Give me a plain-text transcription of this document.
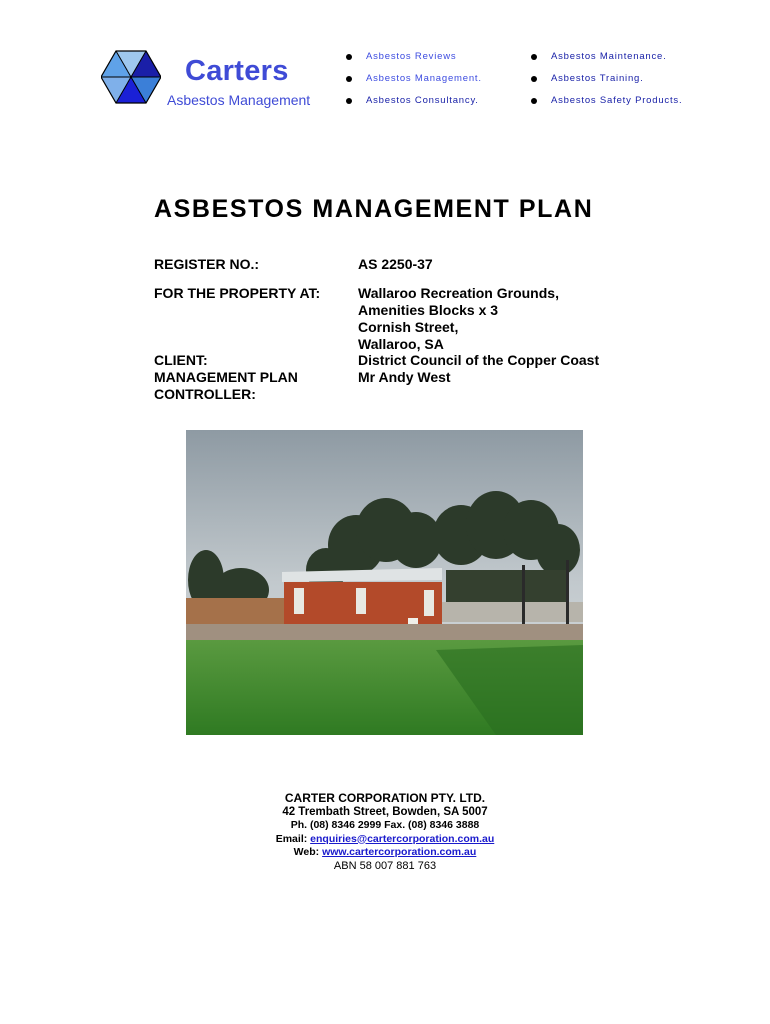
Carters
Asbestos Management
Asbestos Reviews
Asbestos Management.
Asbestos Consultancy.
Asbestos Maintenance.
Asbestos Training.
Asbestos Safety Products.
ASBESTOS MANAGEMENT PLAN
REGISTER NO.:	AS 2250-37
FOR THE PROPERTY AT:	Wallaroo Recreation Grounds,
Amenities Blocks x 3
Cornish Street,
Wallaroo, SA
CLIENT:	District Council of the Copper Coast
MANAGEMENT PLAN
CONTROLLER:
Mr Andy West
CARTER CORPORATION PTY. LTD.
42 Trembath Street, Bowden, SA 5007
Ph. (08) 8346 2999 Fax. (08) 8346 3888
Email: enquiries@cartercorporation.com.au
Web: www.cartercorporation.com.au
ABN 58 007 881 763
